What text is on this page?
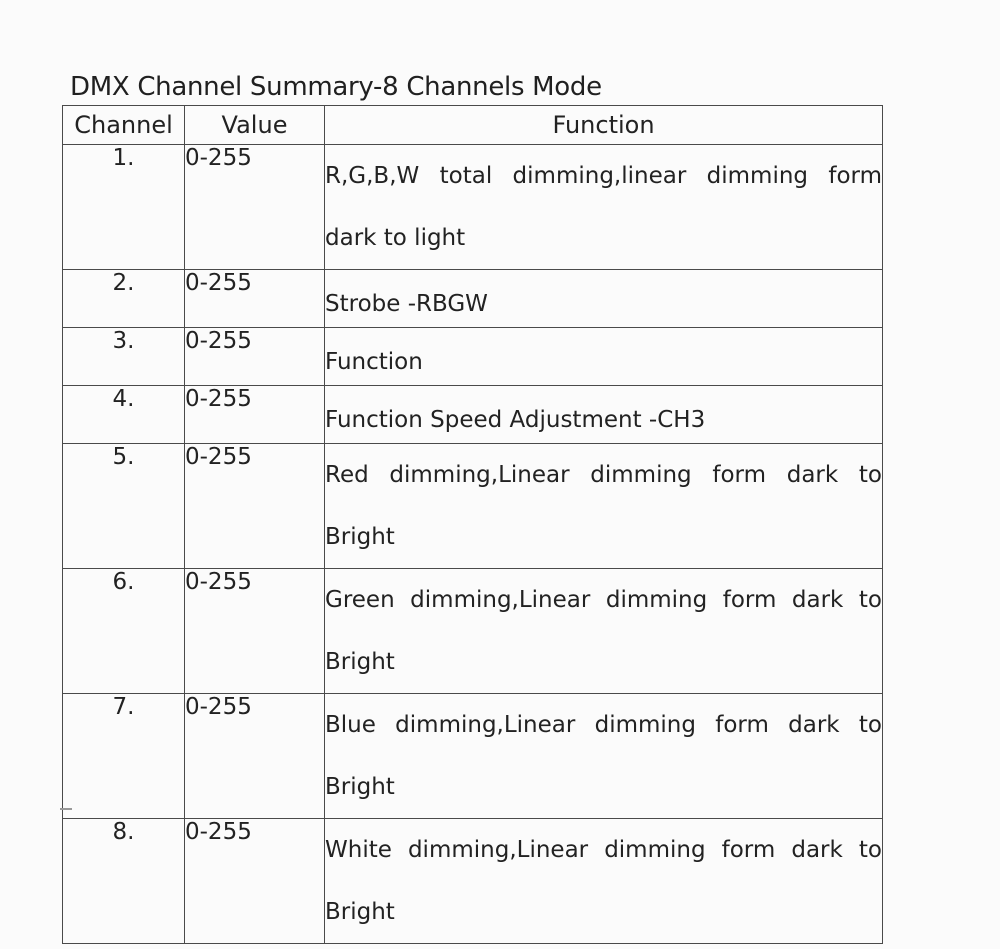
DMX Channel Summary-8 Channels Mode
Channel	Value	Function
1.	0-255	R,G,B,W total dimming,linear dimming form dark to light
2.	0-255	Strobe -RBGW
3.	0-255	Function
4.	0-255	Function Speed Adjustment -CH3
5.	0-255	Red dimming,Linear dimming form dark to Bright
6.	0-255	Green dimming,Linear dimming form dark to Bright
7.	0-255	Blue dimming,Linear dimming form dark to Bright
8.	0-255	White dimming,Linear dimming form dark to Bright
